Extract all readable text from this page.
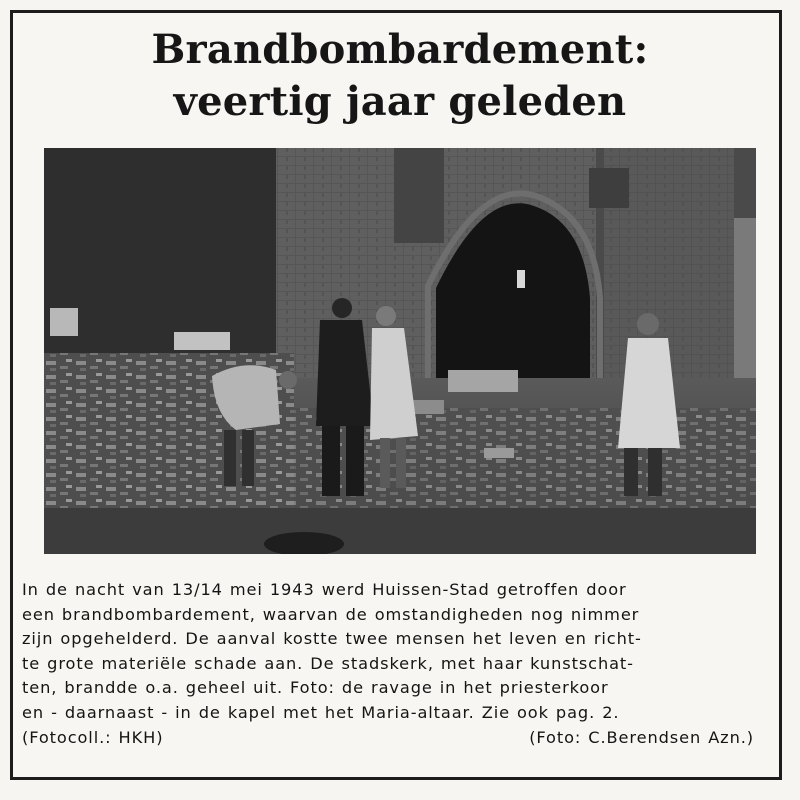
Brandbombardement:
veertig jaar geleden

In de nacht van 13/14 mei 1943 werd Huissen-Stad getroffen door
een brandbombardement, waarvan de omstandigheden nog nimmer
zijn opgehelderd. De aanval kostte twee mensen het leven en richt-
te grote materiële schade aan. De stadskerk, met haar kunstschat-
ten, brandde o.a. geheel uit. Foto: de ravage in het priesterkoor
en - daarnaast - in de kapel met het Maria-altaar. Zie ook pag. 2.
(Fotocoll.: HKH)	(Foto: C.Berendsen Azn.)
